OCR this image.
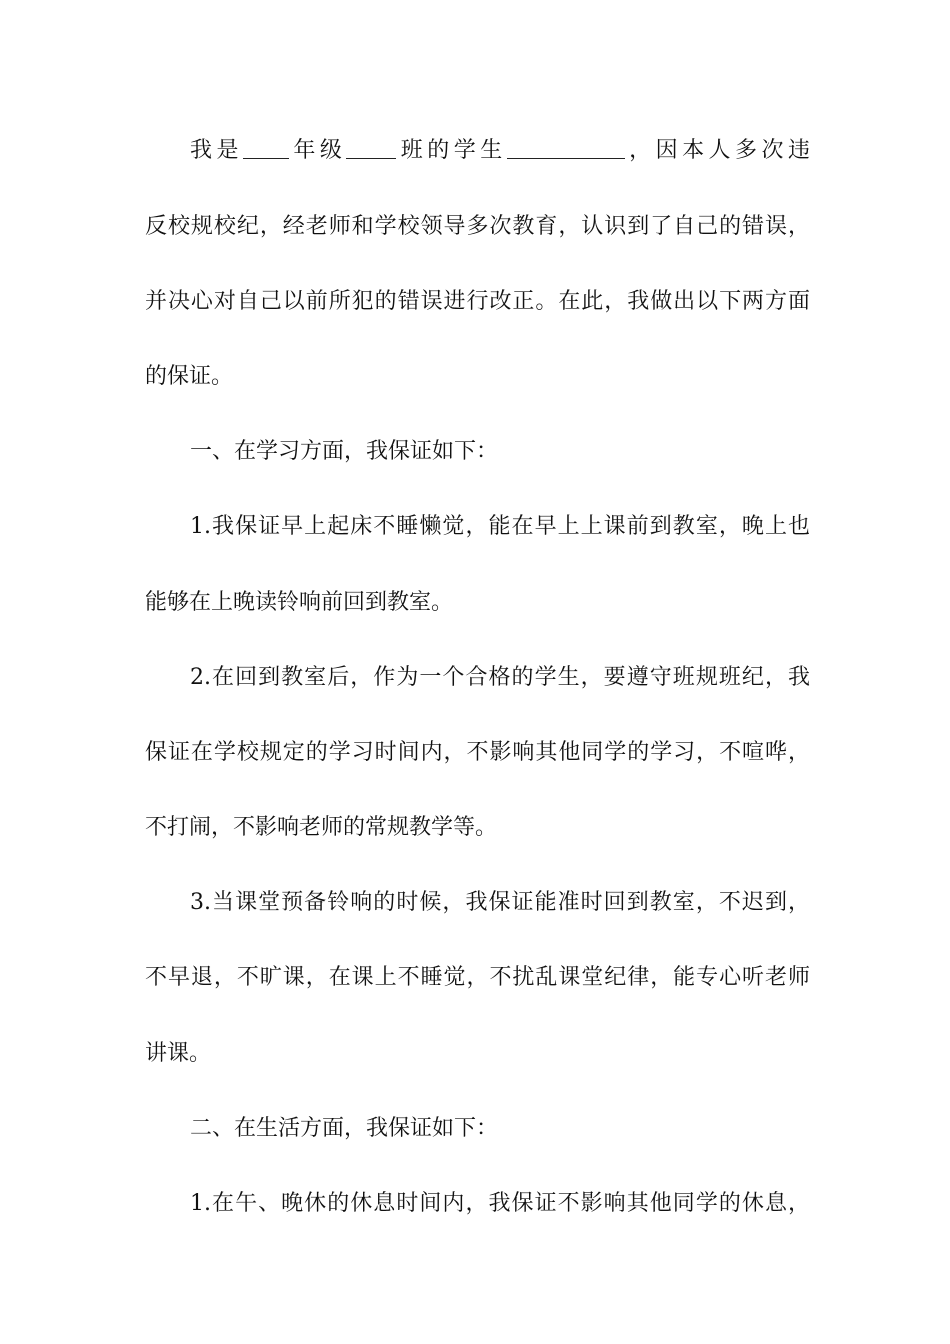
我是 年级 班的学生	，因本人多次违
反校规校纪，经老师和学校领导多次教育，认识到了自己的错误，
并决心对自己以前所犯的错误进行改正。在此，我做出以下两方面
的保证。
一、在学习方面，我保证如下：
1.我保证早上起床不睡懒觉，能在早上上课前到教室，晚上也
能够在上晚读铃响前回到教室。
2.在回到教室后，作为一个合格的学生，要遵守班规班纪，我
保证在学校规定的学习时间内，不影响其他同学的学习，不喧哗，
不打闹，不影响老师的常规教学等。
3.当课堂预备铃响的时候，我保证能准时回到教室，不迟到，
不早退，不旷课，在课上不睡觉，不扰乱课堂纪律，能专心听老师
讲课。
二、在生活方面，我保证如下：
1.在午、晚休的休息时间内，我保证不影响其他同学的休息，
